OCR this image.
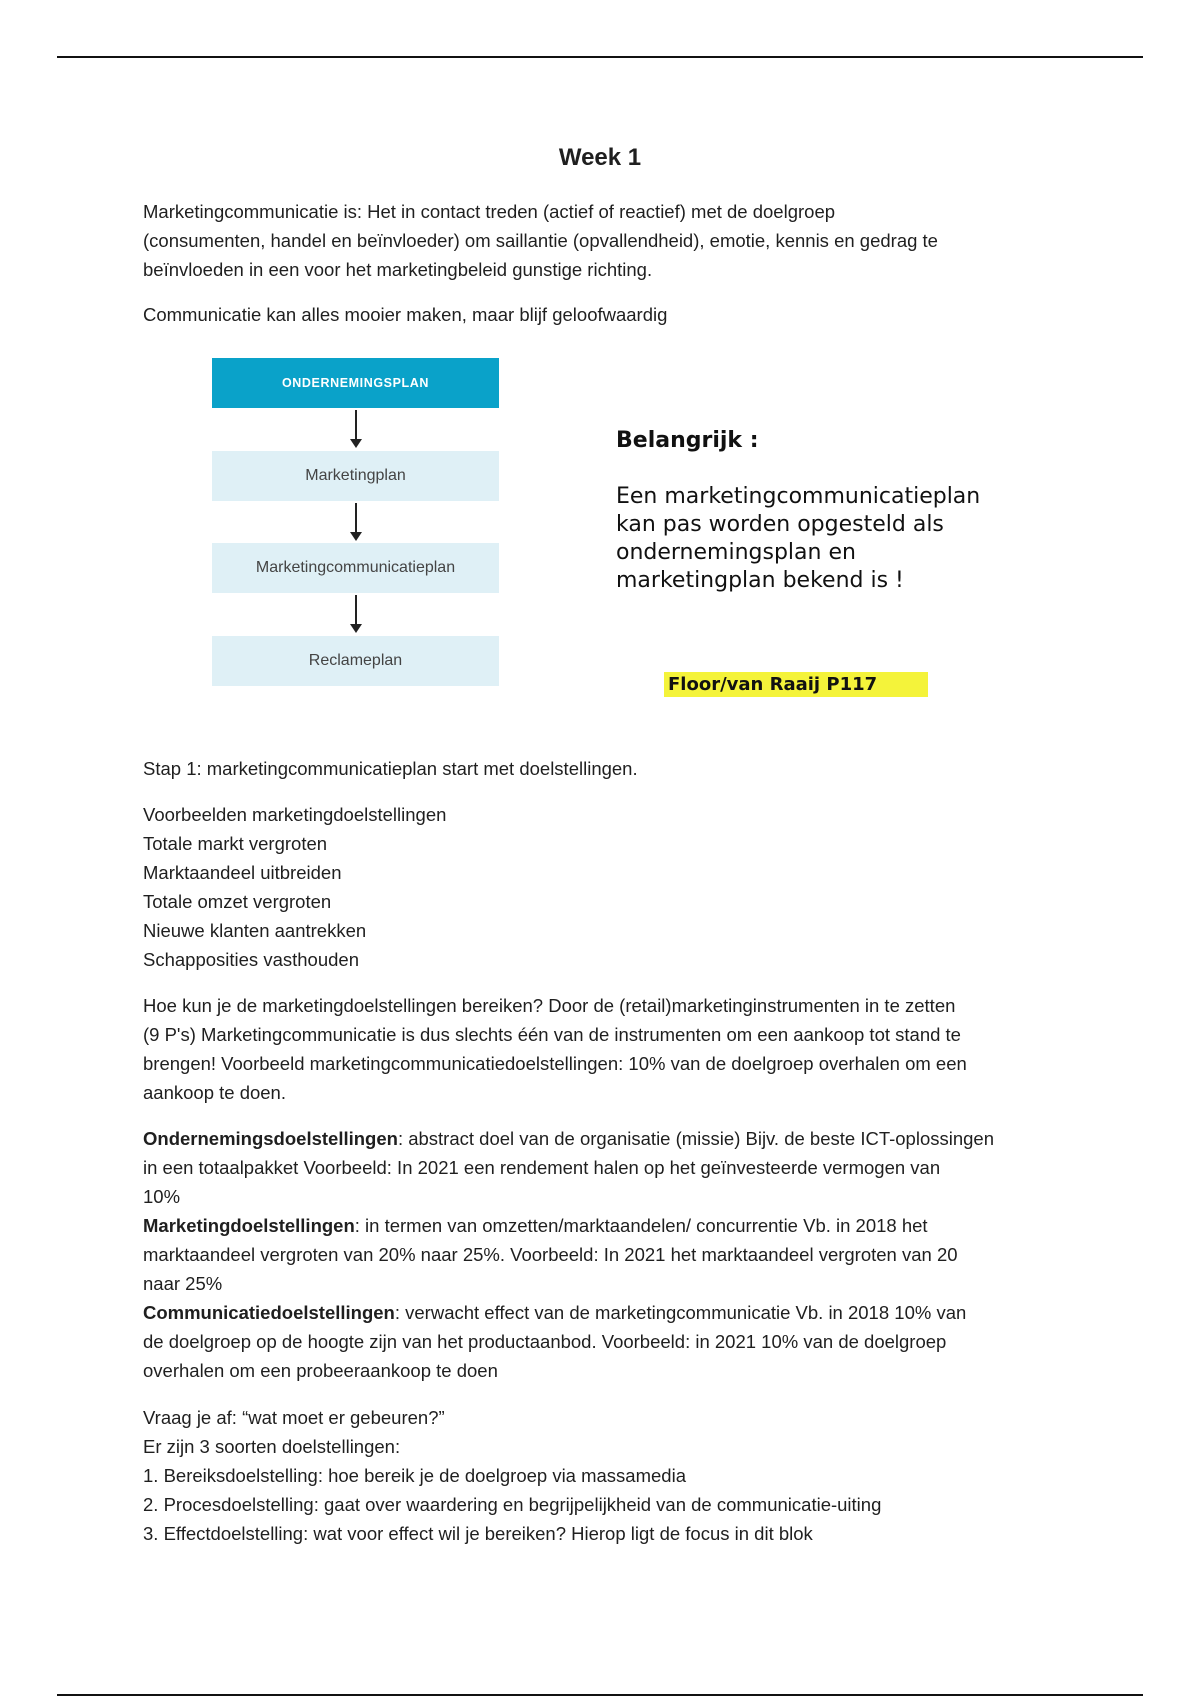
Week 1

Marketingcommunicatie is: Het in contact treden (actief of reactief) met de doelgroep
(consumenten, handel en beïnvloeder) om saillantie (opvallendheid), emotie, kennis en gedrag te
beïnvloeden in een voor het marketingbeleid gunstige richting.

Communicatie kan alles mooier maken, maar blijf geloofwaardig

ONDERNEMINGSPLAN
Marketingplan
Marketingcommunicatieplan
Reclameplan

Belangrijk :

Een marketingcommunicatieplan
kan pas worden opgesteld als
ondernemingsplan en
marketingplan bekend is !

Floor/van Raaij P117

Stap 1: marketingcommunicatieplan start met doelstellingen.

Voorbeelden marketingdoelstellingen
Totale markt vergroten
Marktaandeel uitbreiden
Totale omzet vergroten
Nieuwe klanten aantrekken
Schapposities vasthouden

Hoe kun je de marketingdoelstellingen bereiken? Door de (retail)marketinginstrumenten in te zetten
(9 P's) Marketingcommunicatie is dus slechts één van de instrumenten om een aankoop tot stand te
brengen! Voorbeeld marketingcommunicatiedoelstellingen: 10% van de doelgroep overhalen om een
aankoop te doen.

Ondernemingsdoelstellingen: abstract doel van de organisatie (missie) Bijv. de beste ICT-oplossingen
in een totaalpakket Voorbeeld: In 2021 een rendement halen op het geïnvesteerde vermogen van
10%
Marketingdoelstellingen: in termen van omzetten/marktaandelen/ concurrentie Vb. in 2018 het
marktaandeel vergroten van 20% naar 25%. Voorbeeld: In 2021 het marktaandeel vergroten van 20
naar 25%
Communicatiedoelstellingen: verwacht effect van de marketingcommunicatie Vb. in 2018 10% van
de doelgroep op de hoogte zijn van het productaanbod. Voorbeeld: in 2021 10% van de doelgroep
overhalen om een probeeraankoop te doen

Vraag je af: “wat moet er gebeuren?”
Er zijn 3 soorten doelstellingen:
1. Bereiksdoelstelling: hoe bereik je de doelgroep via massamedia
2. Procesdoelstelling: gaat over waardering en begrijpelijkheid van de communicatie-uiting
3. Effectdoelstelling: wat voor effect wil je bereiken? Hierop ligt de focus in dit blok
